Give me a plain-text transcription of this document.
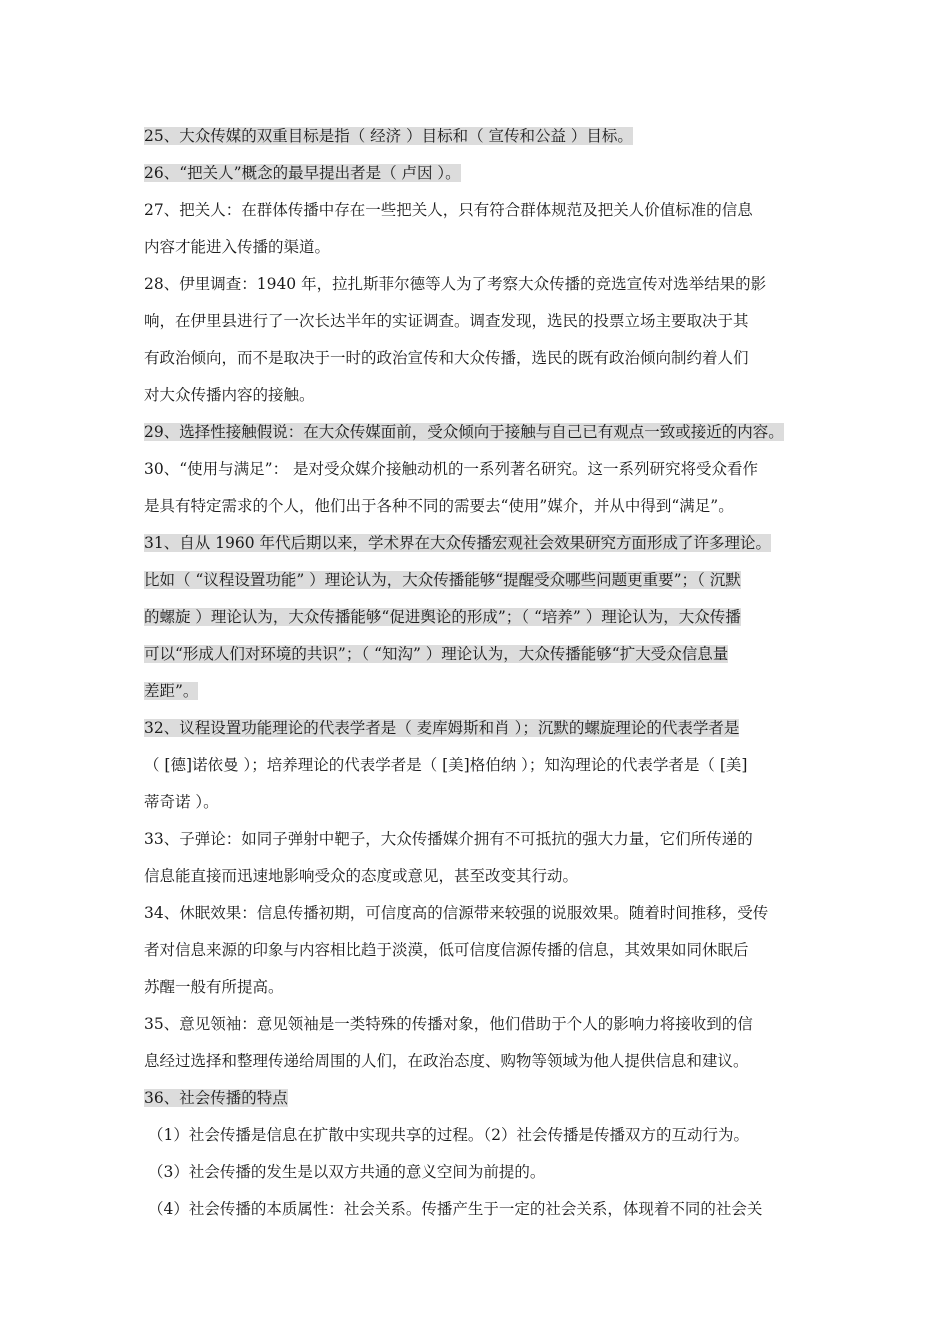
25、大众传媒的双重目标是指（ 经济 ）目标和（ 宣传和公益 ）目标。
26、“把关人”概念的最早提出者是（ 卢因 ）。
27、把关人：在群体传播中存在一些把关人，只有符合群体规范及把关人价值标准的信息
内容才能进入传播的渠道。
28、伊里调查：1940 年，拉扎斯菲尔德等人为了考察大众传播的竞选宣传对选举结果的影
响，在伊里县进行了一次长达半年的实证调查。调查发现，选民的投票立场主要取决于其
有政治倾向，而不是取决于一时的政治宣传和大众传播，选民的既有政治倾向制约着人们
对大众传播内容的接触。
29、选择性接触假说：在大众传媒面前，受众倾向于接触与自己已有观点一致或接近的内容。
30、“使用与满足”： 是对受众媒介接触动机的一系列著名研究。这一系列研究将受众看作
是具有特定需求的个人，他们出于各种不同的需要去“使用”媒介，并从中得到“满足”。
31、自从 1960 年代后期以来，学术界在大众传播宏观社会效果研究方面形成了许多理论。
比如（ “议程设置功能” ）理论认为，大众传播能够“提醒受众哪些问题更重要”；（ 沉默
的螺旋 ）理论认为，大众传播能够“促进舆论的形成”；（ “培养” ）理论认为，大众传播
可以“形成人们对环境的共识”；（ “知沟” ）理论认为，大众传播能够“扩大受众信息量
差距”。
32、议程设置功能理论的代表学者是（ 麦库姆斯和肖 ）；沉默的螺旋理论的代表学者是
（ [德]诺依曼 ）；培养理论的代表学者是（ [美]格伯纳 ）；知沟理论的代表学者是（ [美]
蒂奇诺 ）。
33、子弹论：如同子弹射中靶子，大众传播媒介拥有不可抵抗的强大力量，它们所传递的
信息能直接而迅速地影响受众的态度或意见，甚至改变其行动。
34、休眠效果：信息传播初期，可信度高的信源带来较强的说服效果。随着时间推移，受传
者对信息来源的印象与内容相比趋于淡漠，低可信度信源传播的信息，其效果如同休眠后
苏醒一般有所提高。
35、意见领袖：意见领袖是一类特殊的传播对象，他们借助于个人的影响力将接收到的信
息经过选择和整理传递给周围的人们，在政治态度、购物等领域为他人提供信息和建议。
36、社会传播的特点
（1）社会传播是信息在扩散中实现共享的过程。（2）社会传播是传播双方的互动行为。
（3）社会传播的发生是以双方共通的意义空间为前提的。
（4）社会传播的本质属性：社会关系。传播产生于一定的社会关系，体现着不同的社会关
